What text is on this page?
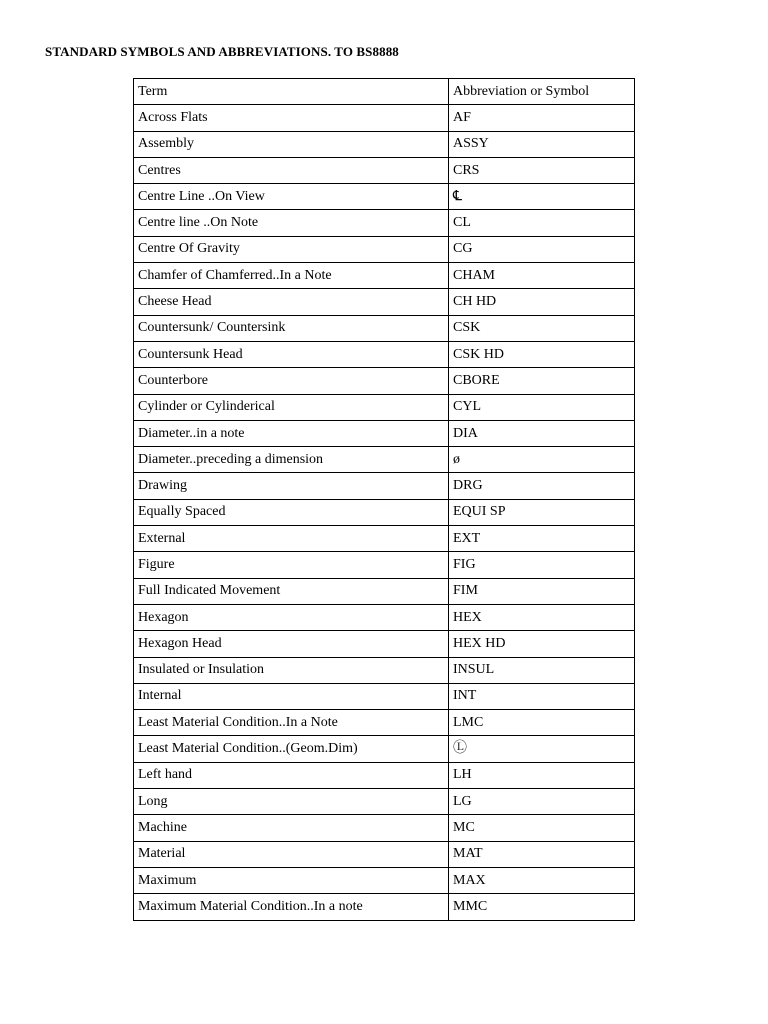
STANDARD SYMBOLS AND ABBREVIATIONS. TO BS8888
Term	Abbreviation or Symbol
Across Flats	AF
Assembly	ASSY
Centres	CRS
Centre Line ..On View	℄
Centre line ..On Note	CL
Centre Of Gravity	CG
Chamfer of Chamferred..In a Note	CHAM
Cheese Head	CH HD
Countersunk/ Countersink	CSK
Countersunk Head	CSK HD
Counterbore	CBORE
Cylinder or Cylinderical	CYL
Diameter..in a note	DIA
Diameter..preceding a dimension	ø
Drawing	DRG
Equally Spaced	EQUI SP
External	EXT
Figure	FIG
Full Indicated Movement	FIM
Hexagon	HEX
Hexagon Head	HEX HD
Insulated or Insulation	INSUL
Internal	INT
Least Material Condition..In a Note	LMC
Least Material Condition..(Geom.Dim)	Ⓛ
Left hand	LH
Long	LG
Machine	MC
Material	MAT
Maximum	MAX
Maximum Material Condition..In a note	MMC
